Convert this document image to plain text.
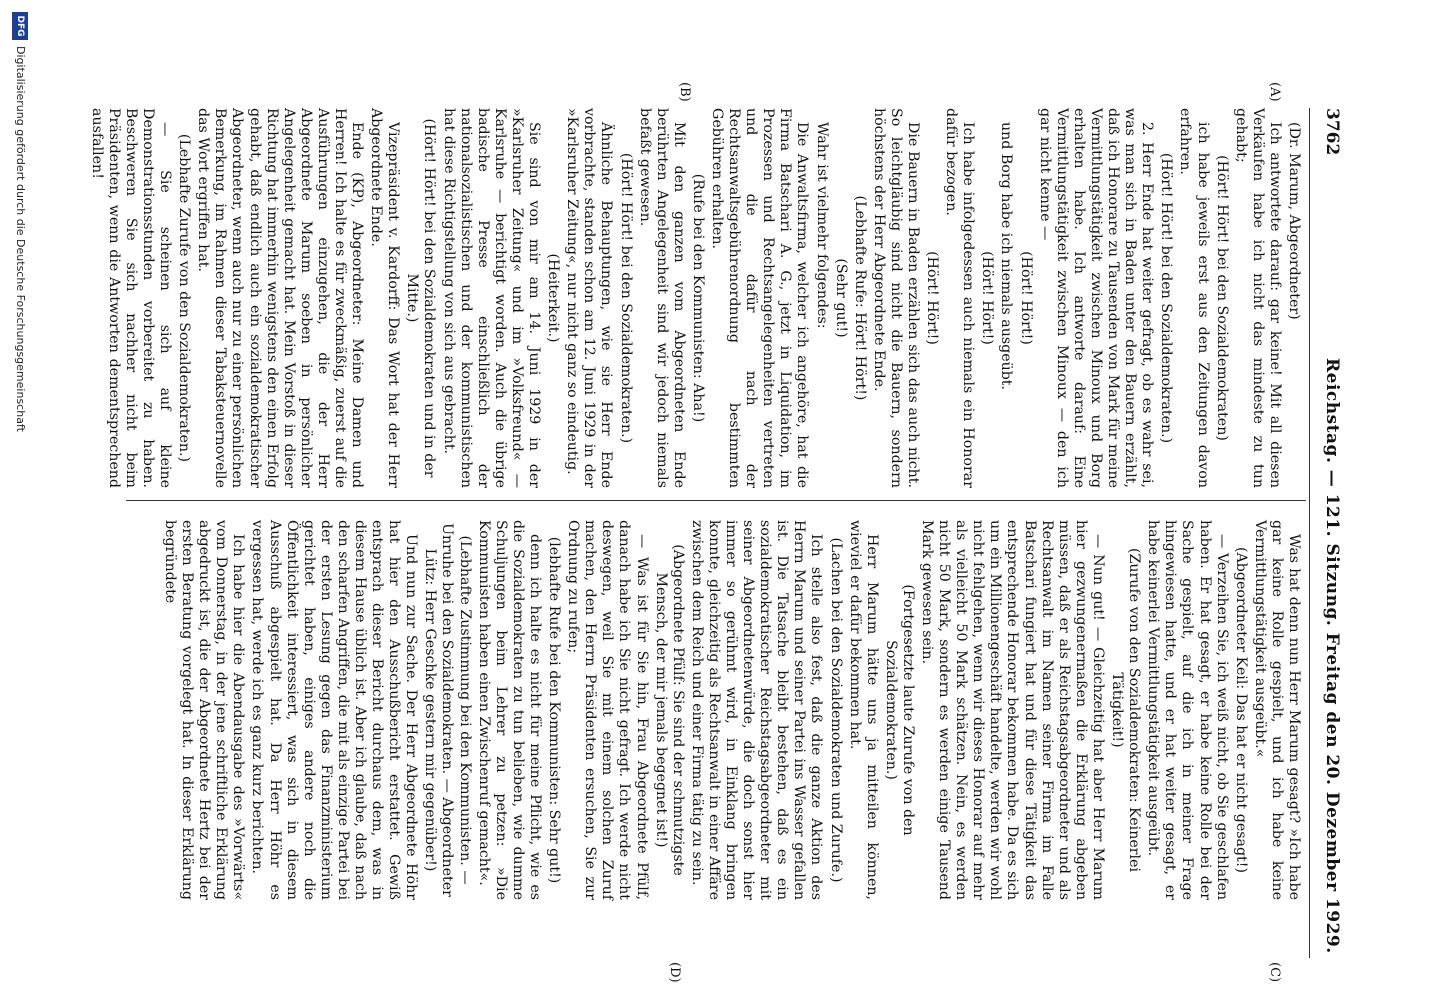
3762
Reichstag. — 121. Sitzung. Freitag den 20. Dezember 1929.
(A)
(B)
(C)
(D)

(Dr. Marum, Abgeordneter)

Ich antwortete darauf: gar keine! Mit all diesen Verkäufen habe ich nicht das mindeste zu tun gehabt;

(Hört! Hört! bei den Sozialdemokraten)

ich habe jeweils erst aus den Zeitungen davon erfahren.

(Hört! Hört! bei den Sozialdemokraten.)

2. Herr Ende hat weiter gefragt, ob es wahr sei, was man sich in Baden unter den Bauern erzählt, daß ich Honorare zu Tausenden von Mark für meine Vermittlungstätigkeit zwischen Minoux und Borg erhalten habe. Ich antworte darauf: Eine Vermittlungstätigkeit zwischen Minoux — den ich gar nicht kenne —

(Hört! Hört!)

und Borg habe ich niemals ausgeübt.

(Hört! Hört!)

Ich habe infolgedessen auch niemals ein Honorar dafür bezogen.

(Hört! Hört!)

Die Bauern in Baden erzählen sich das auch nicht. So leichtgläubig sind nicht die Bauern, sondern höchstens der Herr Abgeordnete Ende.

(Lebhafte Rufe: Hört! Hört!)

(Sehr gut!)

Wahr ist vielmehr folgendes:

Die Anwaltsfirma, welcher ich angehöre, hat die Firma Batschari A. G., jetzt in Liquidation, im Prozessen und Rechtsangelegenheiten vertreten und die dafür nach der Rechtsanwaltsgebührenordnung bestimmten Gebühren erhalten.

(Rufe bei den Kommunisten: Aha!)

Mit den ganzen vom Abgeordneten Ende berührten Angelegenheit sind wir jedoch niemals befaßt gewesen.

(Hört! Hört! bei den Sozialdemokraten.)

Ähnliche Behauptungen, wie sie Herr Ende vorbrachte, standen schon am 12. Juni 1929 in der »Karlsruher Zeitung«, nur nicht ganz so eindeutig.

(Heiterkeit.)

Sie sind von mir am 14. Juni 1929 in der »Karlsruher Zeitung« und im »Volksfreund« — Karlsruhe — berichtigt worden. Auch die übrige badische Presse einschließlich der nationalsozialistischen und der kommunistischen hat diese Richtigstellung von sich aus gebracht.

(Hört! Hört! bei den Sozialdemokraten und in der Mitte.)

Vizepräsident v. Kardorff: Das Wort hat der Herr Abgeordnete Ende.

Ende (KP), Abgeordneter: Meine Damen und Herren! Ich halte es für zweckmäßig, zuerst auf die Ausführungen einzugehen, die der Herr Abgeordnete Marum soeben in persönlicher Angelegenheit gemacht hat. Mein Vorstoß in dieser Richtung hat immerhin wenigstens den einen Erfolg gehabt, daß endlich auch ein sozialdemokratischer Abgeordneter, wenn auch nur zu einer persönlichen Bemerkung, im Rahmen dieser Tabaksteuernovelle das Wort ergriffen hat.

(Lebhafte Zurufe von den Sozialdemokraten.)

— Sie scheinen sich auf kleine Demonstrationsstunden vorbereitet zu haben. Beschweren Sie sich nachher nicht beim Präsidenten, wenn die Antworten dementsprechend ausfallen!

Was hat denn nun Herr Marum gesagt? »Ich habe gar keine Rolle gespielt, und ich habe keine Vermittlungstätigkeit ausgeübt.«

(Abgeordneter Keil: Das hat er nicht gesagt!)

— Verzeihen Sie, ich weiß nicht, ob Sie geschlafen haben. Er hat gesagt, er habe keine Rolle bei der Sache gespielt, auf die ich in meiner Frage hingewiesen hatte, und er hat weiter gesagt, er habe keinerlei Vermittlungstätigkeit ausgeübt.

(Zurufe von den Sozialdemokraten: Keinerlei Tätigkeit!)

— Nun gut! — Gleichzeitig hat aber Herr Marum hier gezwungenermaßen die Erklärung abgeben müssen, daß er als Reichstagsabgeordneter und als Rechtsanwalt im Namen seiner Firma im Falle Batschari fungiert hat und für diese Tätigkeit das entsprechende Honorar bekommen habe. Da es sich um ein Millionengeschäft handelte, werden wir wohl nicht fehlgehen, wenn wir dieses Honorar auf mehr als vielleicht 50 Mark schätzen. Nein, es werden nicht 50 Mark, sondern es werden einige Tausend Mark gewesen sein.

(Fortgesetzte laute Zurufe von den Sozialdemokraten.)

Herr Marum hätte uns ja mitteilen können, wieviel er dafür bekommen hat.

(Lachen bei den Sozialdemokraten und Zurufe.)

Ich stelle also fest, daß die ganze Aktion des Herrn Marum und seiner Partei ins Wasser gefallen ist. Die Tatsache bleibt bestehen, daß es ein sozialdemokratischer Reichstagsabgeordneter mit seiner Abgeordnetenwürde, die doch sonst hier immer so gerühmt wird, in Einklang bringen konnte, gleichzeitig als Rechtsanwalt in einer Affäre zwischen dem Reich und einer Firma tätig zu sein.

(Abgeordnete Pfülf: Sie sind der schmutzigste Mensch, der mir jemals begegnet ist!)

— Was ist für Sie hin, Frau Abgeordnete Pfülf, danach habe ich Sie nicht gefragt. Ich werde nicht deswegen, weil Sie mit einem solchen Zuruf machen, den Herrn Präsidenten ersuchen, Sie zur Ordnung zu rufen;

(lebhafte Rufe bei den Kommunisten: Sehr gut!)

denn ich halte es nicht für meine Pflicht, wie es die Sozialdemokraten zu tun belieben, wie dumme Schuljungen beim Lehrer zu petzen: »Die Kommunisten haben einen Zwischenruf gemacht«.

(Lebhafte Zustimmung bei den Kommunisten. — Unruhe bei den Sozialdemokraten. — Abgeordneter Lütz: Herr Geschke gestern mir gegenüber!)

Und nun zur Sache. Der Herr Abgeordnete Höhr hat hier den Ausschußbericht erstattet. Gewiß entsprach dieser Bericht durchaus dem, was in diesem Hause üblich ist. Aber ich glaube, daß nach den scharfen Angriffen, die mit als einzige Partei bei der ersten Lesung gegen das Finanzministerium gerichtet haben, einiges andere noch die Öffentlichkeit interessiert, was sich in diesem Ausschuß abgespielt hat. Da Herr Höhr es vergessen hat, werde ich es ganz kurz berichten.

Ich habe hier die Abendausgabe des »Vorwärts« vom Donnerstag, in der jene schriftliche Erklärung abgedruckt ist, die der Abgeordnete Hertz bei der ersten Beratung vorgelegt hat. In dieser Erklärung begründete

DFG
Digitalisierung gefördert durch die Deutsche Forschungsgemeinschaft
